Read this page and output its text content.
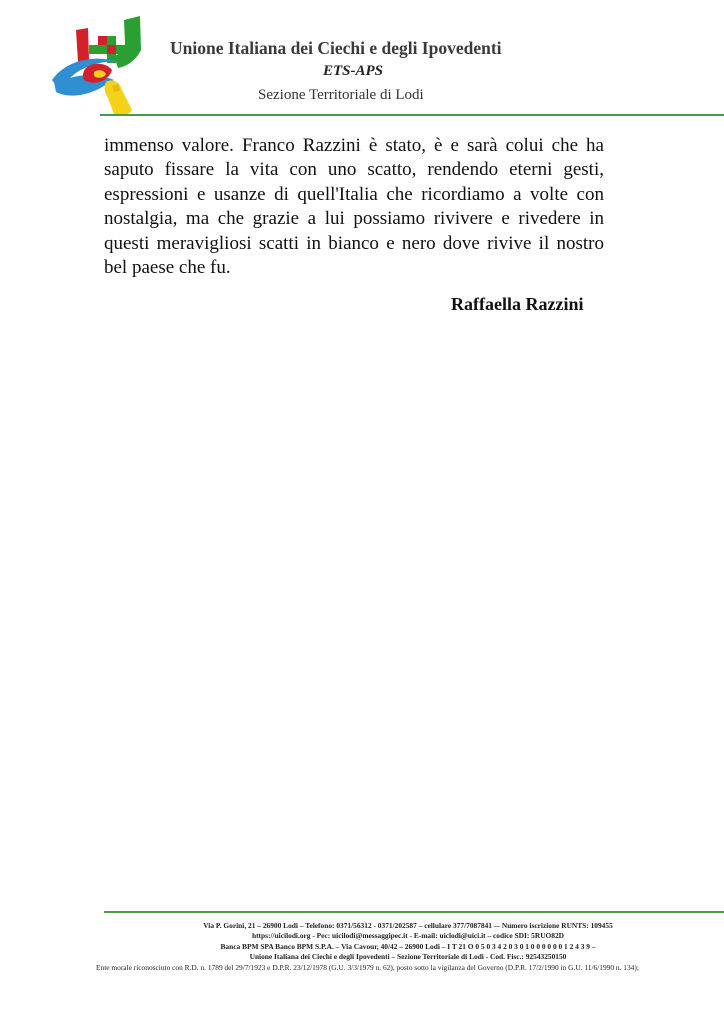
Unione Italiana dei Ciechi e degli Ipovedenti
ETS-APS
Sezione Territoriale di Lodi

immenso valore. Franco Razzini è stato, è e sarà colui che ha saputo fissare la vita con uno scatto, rendendo eterni gesti, espressioni e usanze di quell'Italia che ricordiamo a volte con nostalgia, ma che grazie a lui possiamo rivivere e rivedere in questi meravigliosi scatti in bianco e nero dove rivive il nostro bel paese che fu.

Raffaella Razzini
Via P. Gorini, 21 – 26900 Lodi – Telefono: 0371/56312 - 0371/202587 – cellulare 377/7087841 –- Numero iscrizione RUNTS: 109455
https://uicilodi.org - Pec: uicilodi@messaggipec.it - E-mail: uiclodi@uici.it – codice SDI: 5RUO82D
Banca BPM SPA Banco BPM S.P.A. – Via Cavour, 40/42 – 26900 Lodi – I T 21 O 0 5 0 3 4 2 0 3 0 1 0 0 0 0 0 0 1 2 4 3 9 –
Unione Italiana dei Ciechi e degli Ipovedenti – Sezione Territoriale di Lodi - Cod. Fisc.: 92543250150
Ente morale riconosciuto con R.D. n. 1789 del 29/7/1923 e D.P.R. 23/12/1978 (G.U. 3/3/1979 n. 62), posto sotto la vigilanza del Governo (D.P.R. 17/2/1990 in G.U. 11/6/1990 n. 134);
